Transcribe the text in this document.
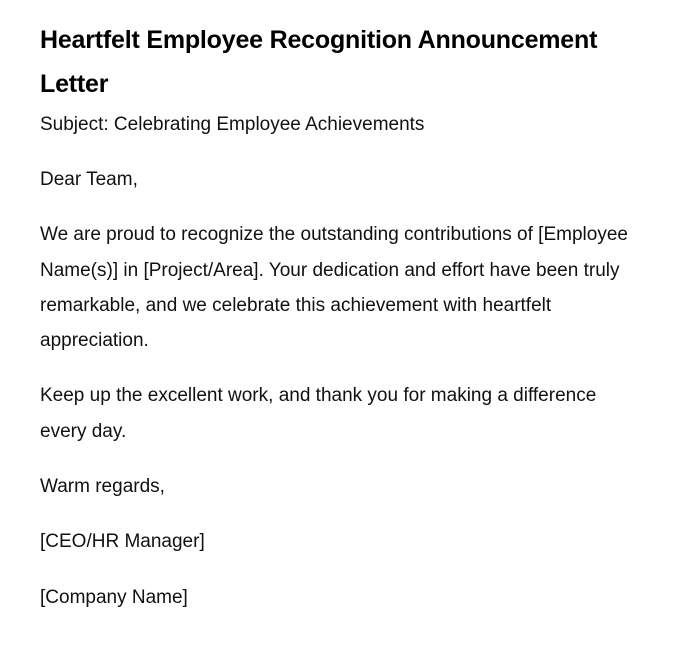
Heartfelt Employee Recognition Announcement Letter

Subject: Celebrating Employee Achievements

Dear Team,

We are proud to recognize the outstanding contributions of [Employee Name(s)] in [Project/Area]. Your dedication and effort have been truly remarkable, and we celebrate this achievement with heartfelt appreciation.

Keep up the excellent work, and thank you for making a difference every day.

Warm regards,

[CEO/HR Manager]

[Company Name]
